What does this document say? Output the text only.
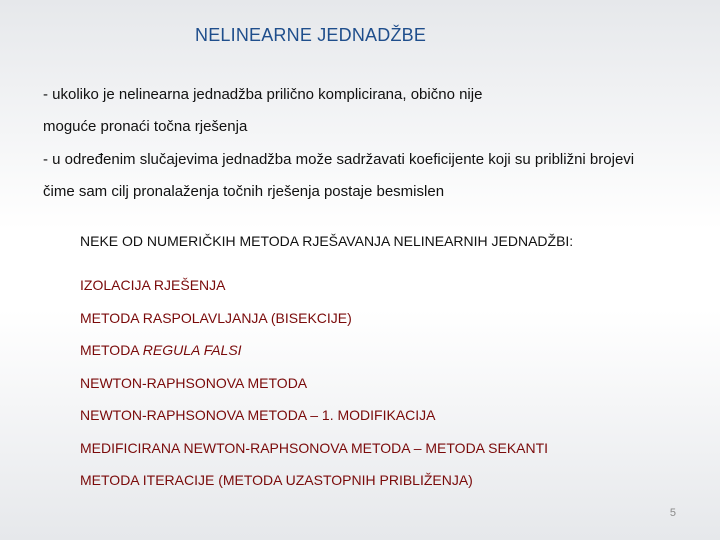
NELINEARNE JEDNADŽBE
- ukoliko je nelinearna jednadžba prilično komplicirana, obično nije
moguće pronaći točna rješenja
- u određenim slučajevima jednadžba može sadržavati koeficijente koji su približni brojevi
čime sam cilj pronalaženja točnih rješenja postaje besmislen
NEKE OD NUMERIČKIH METODA RJEŠAVANJA NELINEARNIH JEDNADŽBI:
IZOLACIJA RJEŠENJA
METODA RASPOLAVLJANJA (BISEKCIJE)
METODA REGULA FALSI
NEWTON-RAPHSONOVA METODA
NEWTON-RAPHSONOVA METODA – 1. MODIFIKACIJA
MEDIFICIRANA NEWTON-RAPHSONOVA METODA – METODA SEKANTI
METODA ITERACIJE (METODA UZASTOPNIH PRIBLIŽENJA)
5
